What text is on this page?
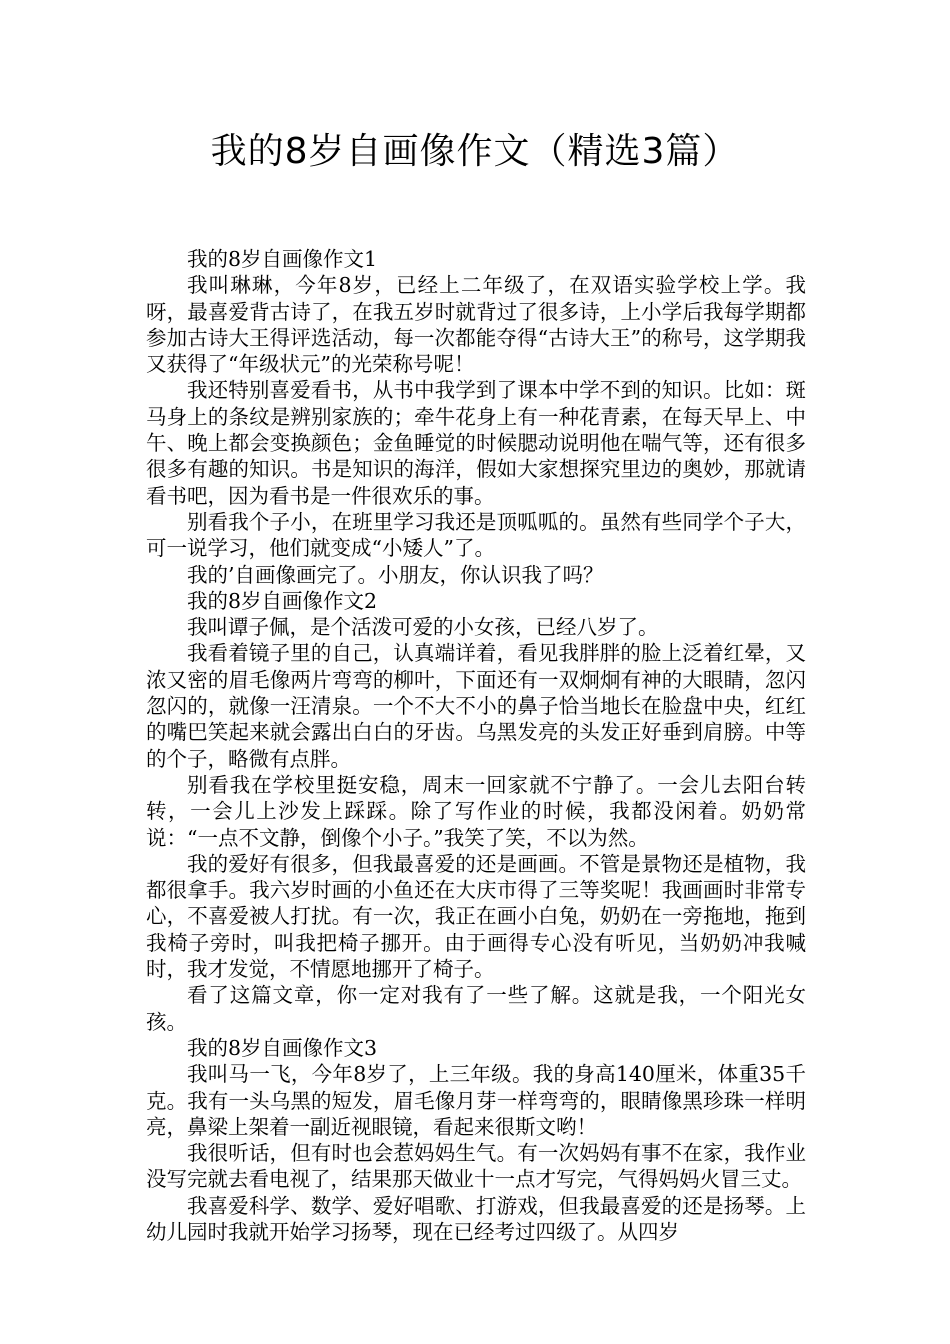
我的8岁自画像作文（精选3篇）

我的8岁自画像作文1

我叫琳琳，今年8岁，已经上二年级了，在双语实验学校上学。我呀，最喜爱背古诗了，在我五岁时就背过了很多诗，上小学后我每学期都参加古诗大王得评选活动，每一次都能夺得“古诗大王”的称号，这学期我又获得了“年级状元”的光荣称号呢！

我还特别喜爱看书，从书中我学到了课本中学不到的知识。比如：斑马身上的条纹是辨别家族的；牵牛花身上有一种花青素，在每天早上、中午、晚上都会变换颜色；金鱼睡觉的时候腮动说明他在喘气等，还有很多很多有趣的知识。书是知识的海洋，假如大家想探究里边的奥妙，那就请看书吧，因为看书是一件很欢乐的事。

别看我个子小，在班里学习我还是顶呱呱的。虽然有些同学个子大，可一说学习，他们就变成“小矮人”了。

我的’自画像画完了。小朋友，你认识我了吗？

我的8岁自画像作文2

我叫谭子佩，是个活泼可爱的小女孩，已经八岁了。

我看着镜子里的自己，认真端详着，看见我胖胖的脸上泛着红晕，又浓又密的眉毛像两片弯弯的柳叶，下面还有一双炯炯有神的大眼睛，忽闪忽闪的，就像一汪清泉。一个不大不小的鼻子恰当地长在脸盘中央，红红的嘴巴笑起来就会露出白白的牙齿。乌黑发亮的头发正好垂到肩膀。中等的个子，略微有点胖。

别看我在学校里挺安稳，周末一回家就不宁静了。一会儿去阳台转转，一会儿上沙发上踩踩。除了写作业的时候，我都没闲着。奶奶常说：“一点不文静，倒像个小子。”我笑了笑，不以为然。

我的爱好有很多，但我最喜爱的还是画画。不管是景物还是植物，我都很拿手。我六岁时画的小鱼还在大庆市得了三等奖呢！我画画时非常专心，不喜爱被人打扰。有一次，我正在画小白兔，奶奶在一旁拖地，拖到我椅子旁时，叫我把椅子挪开。由于画得专心没有听见，当奶奶冲我喊时，我才发觉，不情愿地挪开了椅子。

看了这篇文章，你一定对我有了一些了解。这就是我，一个阳光女孩。

我的8岁自画像作文3

我叫马一飞，今年8岁了，上三年级。我的身高140厘米，体重35千克。我有一头乌黑的短发，眉毛像月芽一样弯弯的，眼睛像黑珍珠一样明亮，鼻梁上架着一副近视眼镜，看起来很斯文哟！

我很听话，但有时也会惹妈妈生气。有一次妈妈有事不在家，我作业没写完就去看电视了，结果那天做业十一点才写完，气得妈妈火冒三丈。

我喜爱科学、数学、爱好唱歌、打游戏，但我最喜爱的还是扬琴。上幼儿园时我就开始学习扬琴，现在已经考过四级了。从四岁
